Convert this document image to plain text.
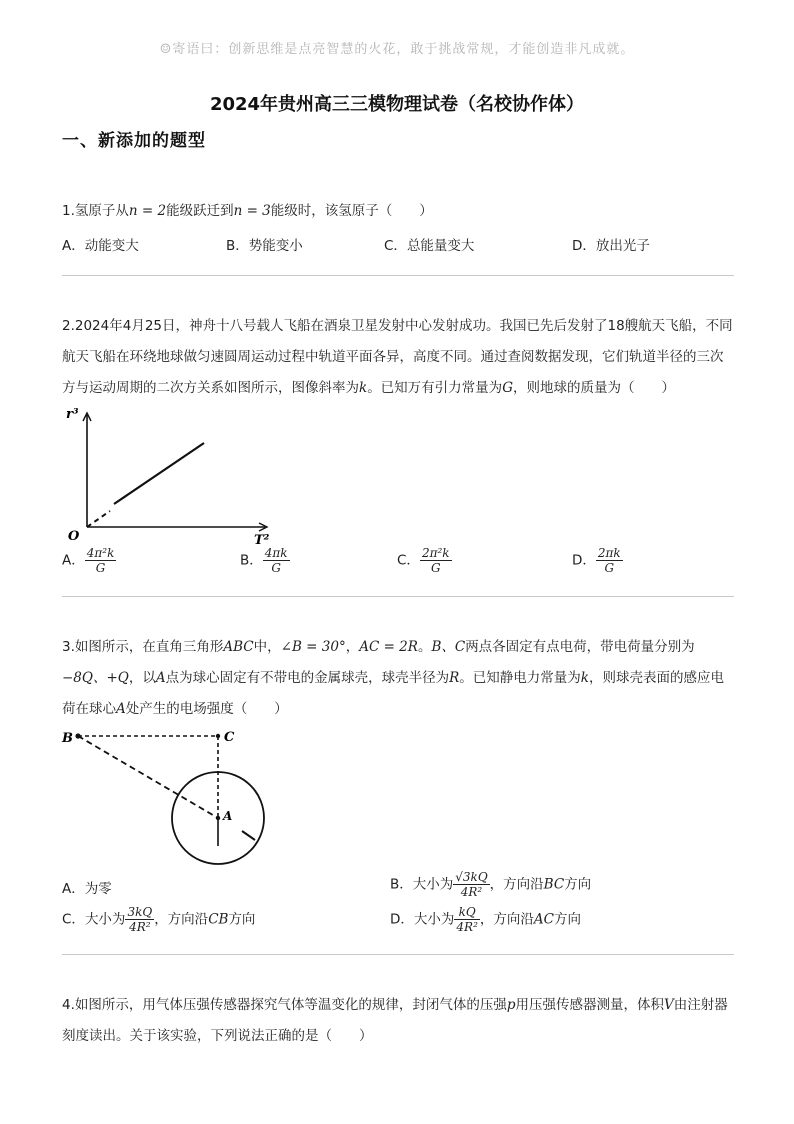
☺寄语曰：创新思维是点亮智慧的火花，敢于挑战常规，才能创造非凡成就。
2024年贵州高三三模物理试卷（名校协作体）
一、新添加的题型
1.氢原子从n = 2能级跃迁到n = 3能级时，该氢原子（　　）
A．动能变大	B．势能变小	C．总能量变大	D．放出光子
2.2024年4月25日，神舟十八号载人飞船在酒泉卫星发射中心发射成功。我国已先后发射了18艘航天飞船，不同航天飞船在环绕地球做匀速圆周运动过程中轨道平面各异，高度不同。通过查阅数据发现，它们轨道半径的三次方与运动周期的二次方关系如图所示，图像斜率为k。已知万有引力常量为G，则地球的质量为（　　）
r³
O	T²
A． $\frac{\text{4π²k}}{G}$	B． $\frac{4\pi k}{G}$	C． $\frac{\text{2π²k}}{G}$	D． $\frac{2\pi k}{G}$
3.如图所示，在直角三角形ABC中，∠B = 30°，AC = 2R。B、C两点各固定有点电荷，带电荷量分别为−8Q、+Q，以A点为球心固定有不带电的金属球壳，球壳半径为R。已知静电力常量为k，则球壳表面的感应电荷在球心A处产生的电场强度（　　）
B	C
A
A．为零	B．大小为 $\frac{√3kQ}{\text{4R²}}$ ，方向沿BC方向
C．大小为 $\frac{3kQ}{\text{4R²}}$ ，方向沿CB方向	D．大小为 $\frac{kQ}{\text{4R²}}$ ，方向沿AC方向
4.如图所示，用气体压强传感器探究气体等温变化的规律，封闭气体的压强p用压强传感器测量，体积V由注射器刻度读出。关于该实验，下列说法正确的是（　　）
